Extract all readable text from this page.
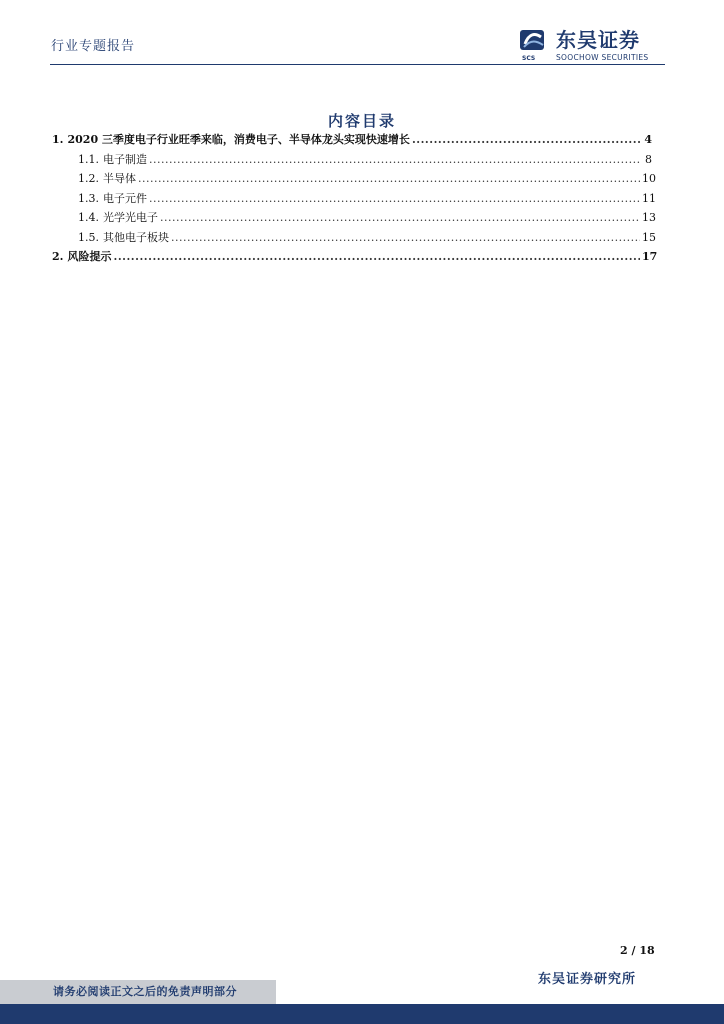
行业专题报告
SCS
东吴证券
SOOCHOW SECURITIES
内容目录
1. 2020 三季度电子行业旺季来临，消费电子、半导体龙头实现快速增长 .....	4
1.1. 电子制造 .....	8
1.2. 半导体 .....	10
1.3. 电子元件 .....	11
1.4. 光学光电子 .....	13
1.5. 其他电子板块 .....	15
2. 风险提示 .....	17
2 / 18
东吴证券研究所
请务必阅读正文之后的免责声明部分
